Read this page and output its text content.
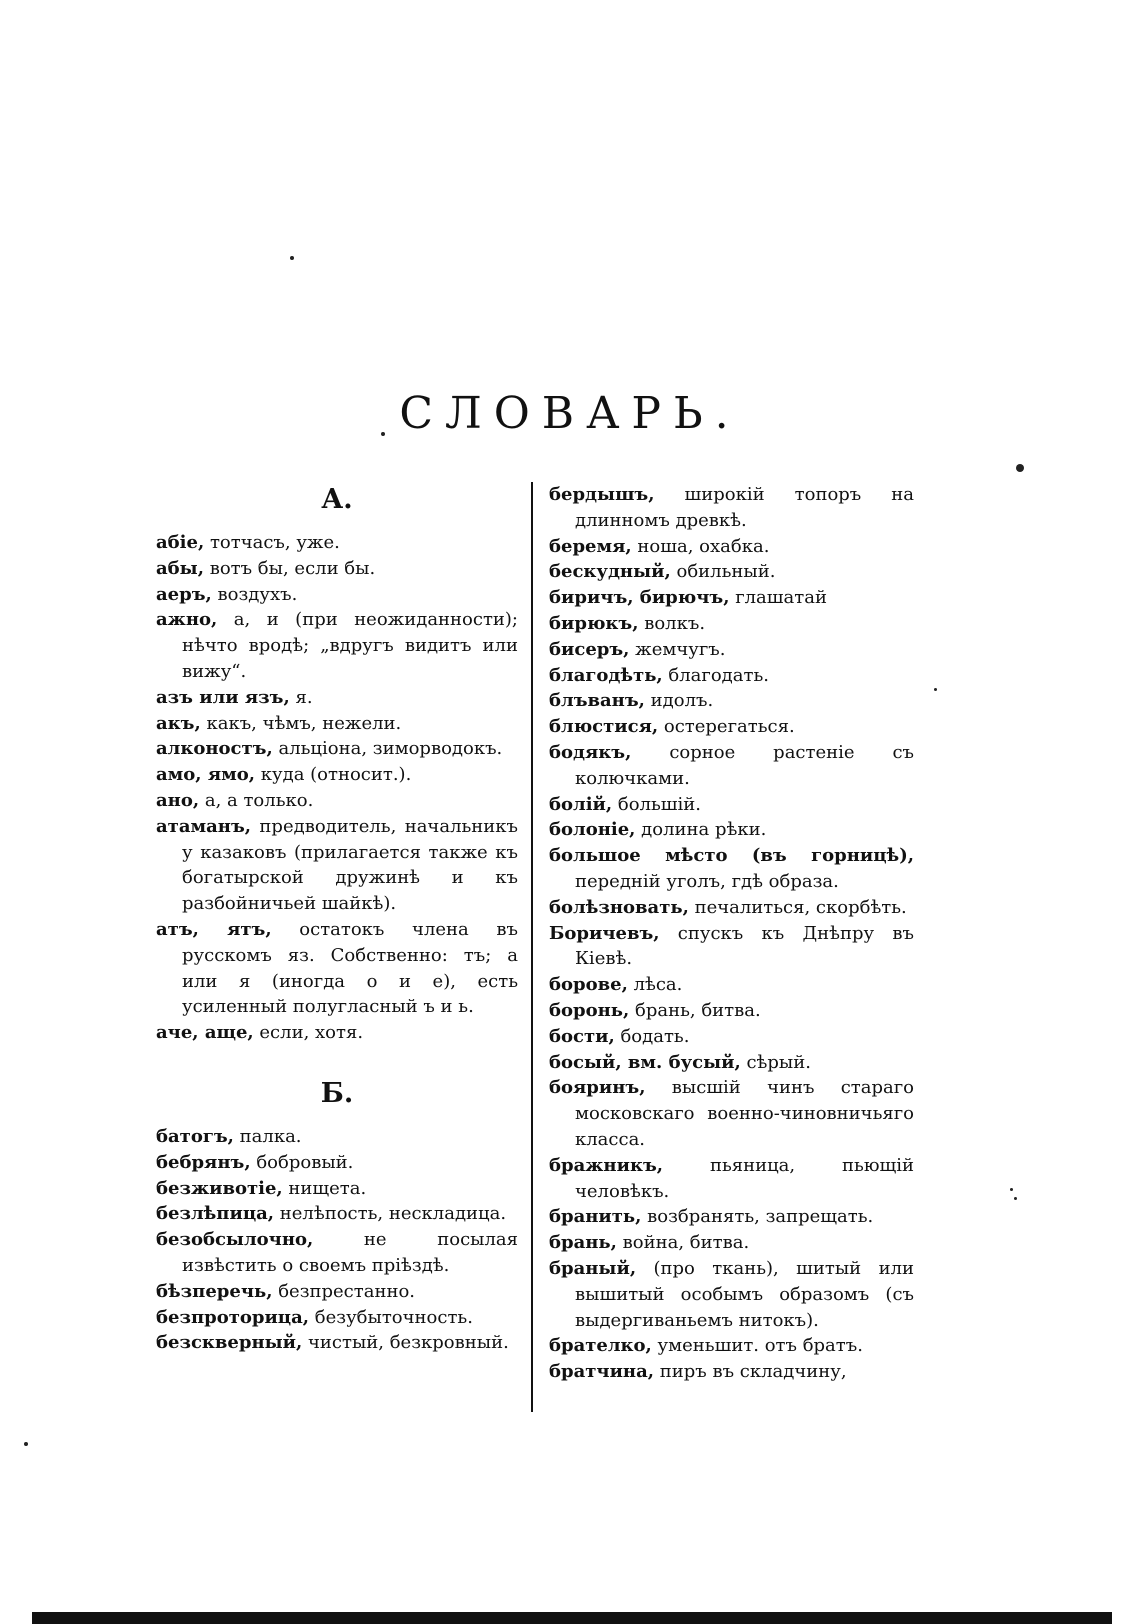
СЛОВАРЬ.
А.
абіе, тотчасъ, уже.
абы, вотъ бы, если бы.
аеръ, воздухъ.
ажно, а, и (при неожиданности); нѣчто вродѣ; „вдругъ видитъ или вижу“.
азъ или язъ, я.
акъ, какъ, чѣмъ, нежели.
алконостъ, альціона, зиморводокъ.
амо, ямо, куда (относит.).
ано, а, а только.
атаманъ, предводитель, начальникъ у казаковъ (прилагается также къ богатырской дружинѣ и къ разбойничьей шайкѣ).
атъ, ятъ, остатокъ члена въ русскомъ яз. Собственно: тъ; а или я (иногда о и е), есть усиленный полугласный ъ и ь.
аче, аще, если, хотя.
Б.
батогъ, палка.
бебрянъ, бобровый.
безживотіе, нищета.
безлѣпица, нелѣпость, нескладица.
безобсылочно, не посылая извѣстить о своемъ пріѣздѣ.
бѣзперечь, безпрестанно.
безпроторица, безубыточность.
безскверный, чистый, безкровный.
бердышъ, широкій топоръ на длинномъ древкѣ.
беремя, ноша, охабка.
бескудный, обильный.
биричъ, бирючъ, глашатай
бирюкъ, волкъ.
бисеръ, жемчугъ.
благодѣть, благодать.
блъванъ, идолъ.
блюстися, остерегаться.
бодякъ, сорное растеніе съ колючками.
болій, большій.
болоніе, долина рѣки.
большое мѣсто (въ горницѣ), передній уголъ, гдѣ образа.
болѣзновать, печалиться, скорбѣть.
Боричевъ, спускъ къ Днѣпру въ Кіевѣ.
борове, лѣса.
боронь, брань, битва.
бости, бодать.
босый, вм. бусый, сѣрый.
бояринъ, высшій чинъ стараго московскаго военно-чиновничьяго класса.
бражникъ, пьяница, пьющій человѣкъ.
бранить, возбранять, запрещать.
брань, война, битва.
браный, (про ткань), шитый или вышитый особымъ образомъ (съ выдергиваньемъ нитокъ).
брателко, уменьшит. отъ братъ.
братчина, пиръ въ складчину,
